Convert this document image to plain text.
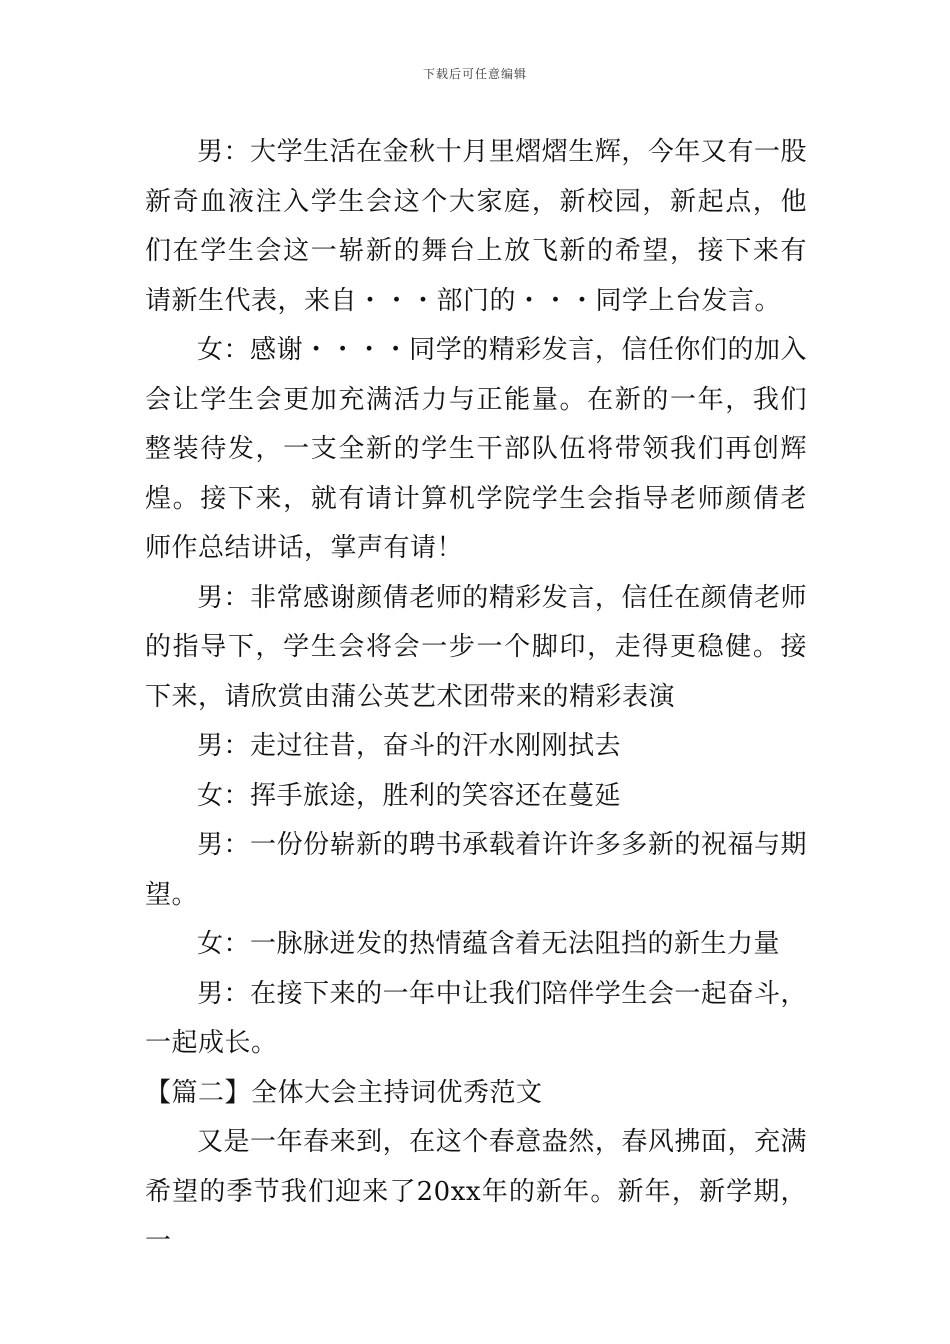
下载后可任意编辑

男：大学生活在金秋十月里熠熠生辉，今年又有一股新奇血液注入学生会这个大家庭，新校园，新起点，他们在学生会这一崭新的舞台上放飞新的希望，接下来有请新生代表，来自・・・部门的・・・同学上台发言。

女：感谢・・・・同学的精彩发言，信任你们的加入会让学生会更加充满活力与正能量。在新的一年，我们整装待发，一支全新的学生干部队伍将带领我们再创辉煌。接下来，就有请计算机学院学生会指导老师颜倩老师作总结讲话，掌声有请！

男：非常感谢颜倩老师的精彩发言，信任在颜倩老师的指导下，学生会将会一步一个脚印，走得更稳健。接下来，请欣赏由蒲公英艺术团带来的精彩表演

男：走过往昔，奋斗的汗水刚刚拭去

女：挥手旅途，胜利的笑容还在蔓延

男：一份份崭新的聘书承载着许许多多新的祝福与期望。

女：一脉脉迸发的热情蕴含着无法阻挡的新生力量

男：在接下来的一年中让我们陪伴学生会一起奋斗，一起成长。

【篇二】全体大会主持词优秀范文

又是一年春来到，在这个春意盎然，春风拂面，充满希望的季节我们迎来了20xx年的新年。新年，新学期，一
